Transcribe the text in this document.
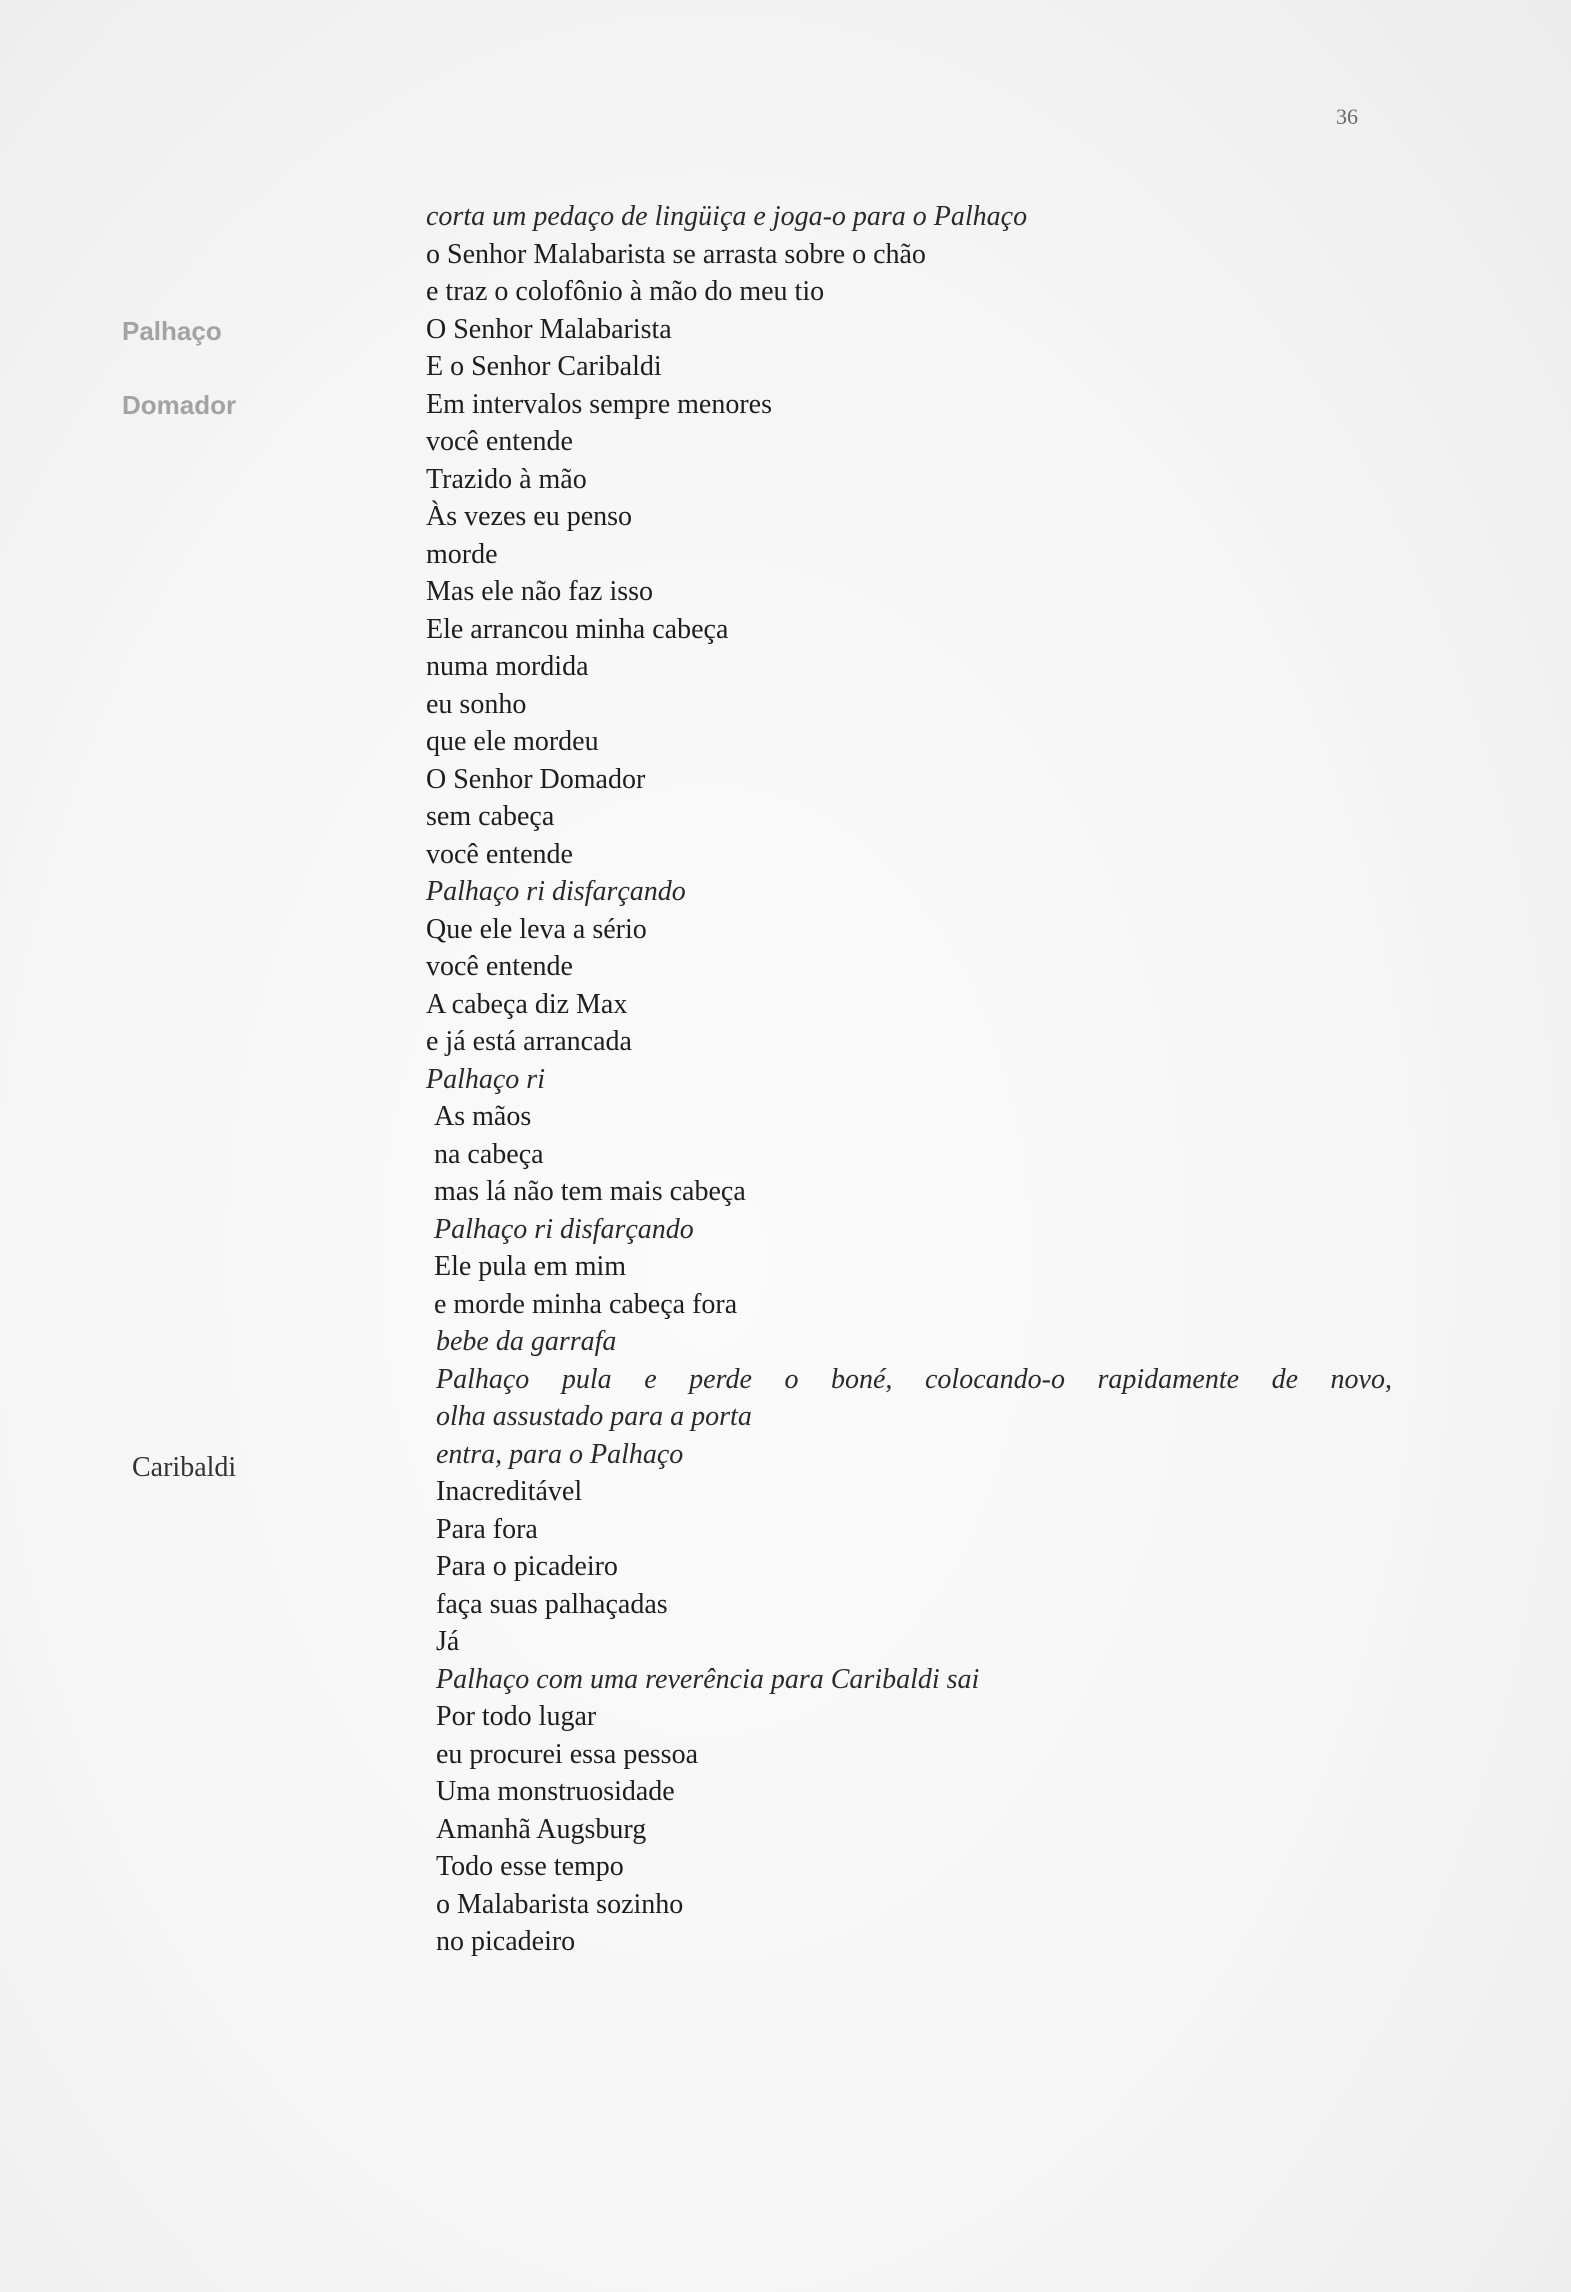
36
Palhaço
Domador
Caribaldi
corta um pedaço de lingüiça e joga-o para o Palhaço
o Senhor Malabarista se arrasta sobre o chão
e traz o colofônio à mão do meu tio
O Senhor Malabarista
E o Senhor Caribaldi
Em intervalos sempre menores
você entende
Trazido à mão
Às vezes eu penso
morde
Mas ele não faz isso
Ele arrancou minha cabeça
numa mordida
eu sonho
que ele mordeu
O Senhor Domador
sem cabeça
você entende
Palhaço ri disfarçando
Que ele leva a sério
você entende
A cabeça diz Max
e já está arrancada
Palhaço ri
As mãos
na cabeça
mas lá não tem mais cabeça
Palhaço ri disfarçando
Ele pula em mim
e morde minha cabeça fora
bebe da garrafa
Palhaço pula e perde o boné, colocando-o rapidamente de novo,
olha assustado para a porta
entra, para o Palhaço
Inacreditável
Para fora
Para o picadeiro
faça suas palhaçadas
Já
Palhaço com uma reverência para Caribaldi sai
Por todo lugar
eu procurei essa pessoa
Uma monstruosidade
Amanhã Augsburg
Todo esse tempo
o Malabarista sozinho
no picadeiro
